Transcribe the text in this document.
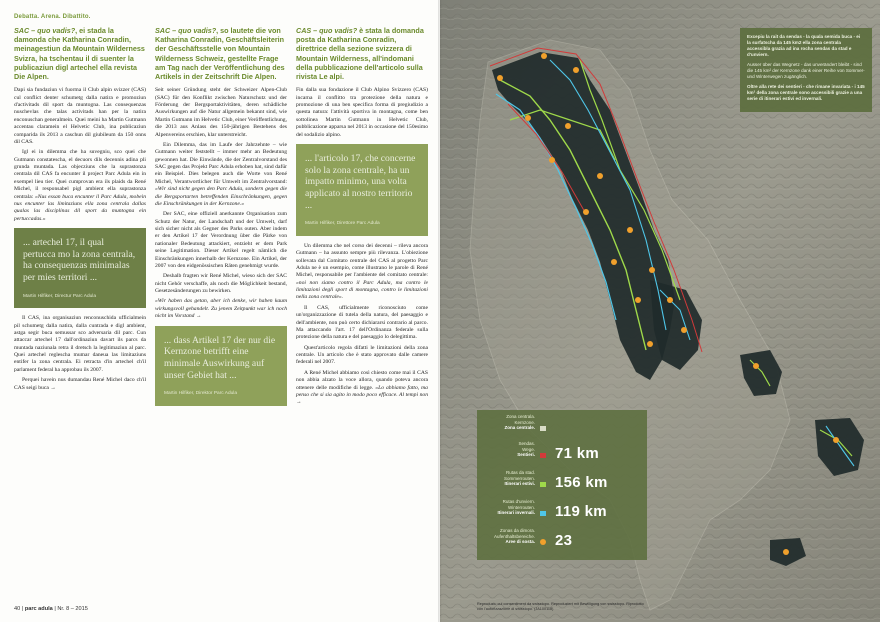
Debatta. Arena. Dibattito.

SAC – quo vadis?, ei stada la damonda che Katharina Conradin, meinagestiun da Mountain Wilderness Svizra, ha tschentau il di suenter la publicaziun digl artechel ella revista Die Alpen.

Dapi sia fundaziun vi fuorma il Club alpin svizzer (CAS) cul conflict denter schumetg dalla natira e promoziun d'activitads dil sport da muntogna. Las consequenzas nuschevlas che talas activitads han per la natira enconuschan generalmein. Quei meini ha Martin Gutmann accentau claramein el Helvetic Club, ina publicaziun comparida ils 2013 a caschun dil giubileum da 150 onns dil CAS.

Igl ei in dilemma che ha suvegniu, sco quei che Gutmann constatescha, el decuors dils decennis adina pli grunda muntada. Las objecziuns che la suprastonza centrala dil CAS fa encunter il project Parc Adula ein in exempel lieu tier. Quei cumprovan era ils plaids da René Michel, il responsabel pigl ambient ella suprastonza centrala: «Nus essan buca encunter il Parc Adula, mobein nus encunter las limitaziuns ella zona centrala dallas qualas las disciplinas dil sport da muntogna ein pertuccadas.»

... artechel 17, il qual pertucca mo la zona centrala, ha consequenzas minimalas per mies territori ...

Martin Hilfiker, Directur Parc Adula

Il CAS, ina organisaziun renconuschida ufficialmein pil schumetg dalla natira, dalla cuntrada e digl ambient, astga segir buca semussar sco adversaria dil parc. Cun attaccar artechel 17 dall'ordinaziun davart ils parcs da muntada naziunala retra il dretsch la legitimaziun al parc. Quei artechel reglescha mumar daneua las limitaziuns entifer la zona centrala. Ei retracta d'in artechel ch'il parlament federal ha approbau ils 2007.

Perquei havein nus dumandau René Michel daco ch'il CAS seigi buca →

SAC – quo vadis?, so lautete die von Katharina Conradin, Geschäftsleiterin der Geschäftsstelle von Mountain Wilderness Schweiz, gestellte Frage am Tag nach der Veröffentlichung des Artikels in der Zeitschrift Die Alpen.

Seit seiner Gründung steht der Schweizer Alpen-Club (SAC) für den Konflikt zwischen Naturschutz und der Förderung der Bergsportaktivitäten, deren schädliche Auswirkungen auf die Natur allgemein bekannt sind, wie Martin Gutmann im Helvetic Club, einer Veröffentlichung, die 2013 aus Anlass des 150-jährigen Bestehens des Alpenvereins erschien, klar unterstreicht.

Ein Dilemma, das im Laufe der Jahrzehnte – wie Gutmann weiter feststellt – immer mehr an Bedeutung gewonnen hat. Die Einwände, die der Zentralvorstand des SAC gegen das Projekt Parc Adula erhoben hat, sind dafür ein Beispiel. Dies belegen auch die Worte von René Michel, Verantwortlicher für Umwelt im Zentralvorstand: «Wir sind nicht gegen den Parc Adula, sondern gegen die die Bergsportarten betreffenden Einschränkungen, gegen die Einschränkungen in der Kernzone.»

Der SAC, eine offiziell anerkannte Organisation zum Schutz der Natur, der Landschaft und der Umwelt, darf sich sicher nicht als Gegner des Parks outen. Aber indem er den Artikel 17 der Verordnung über die Pärke von nationaler Bedeutung attackiert, entzieht er dem Park seine Legitimation. Dieser Artikel regelt nämlich die Einschränkungen innerhalb der Kernzone. Ein Artikel, der 2007 von den eidgenössischen Räten genehmigt wurde.

Deshalb fragten wir René Michel, wieso sich der SAC nicht Gehör verschaffe, als noch die Möglichkeit bestand, Gesetzesänderungen zu bewirken.

«Wir haben das getan, aber ich denke, wir haben kaum wirkungsvoll gehandelt. Zu jenem Zeitpunkt war ich noch nicht im Vorstand →

... dass Artikel 17 der nur die Kernzone betrifft eine minimale Auswirkung auf unser Gebiet hat ...

Martin Hilfiker, Direktor Parc Adula

CAS – quo vadis? è stata la domanda posta da Katharina Conradin, direttrice della sezione svizzera di Mountain Wilderness, all'indomani della pubblicazione dell'articolo sulla rivista Le alpi.

Fin dalla sua fondazione il Club Alpino Svizzero (CAS) incarna il conflitto tra protezione della natura e promozione di una ben specifica forma di pregiudizio a questa natura: l'attività sportiva in montagna, come ben sottolinea Martin Gutmann in Helvetic Club, pubblicazione apparsa nel 2013 in occasione del 150esimo del sodalizio alpino.

... l'articolo 17, che concerne solo la zona centrale, ha un impatto minimo, una volta applicato al nostro territorio ...

Martin Hilfiker, Direttore Parc Adula

Un dilemma che nel corso dei decenni – rileva ancora Gutmann – ha assunto sempre più rilevanza. L'obiezione sollevata dal Comitato centrale del CAS al progetto Parc Adula ne è un esempio, come illustrano le parole di René Michel, responsabile per l'ambiente del comitato centrale: «noi non siamo contro il Parc Adula, ma contro le limitazioni degli sport di montagna, contro le limitazioni nella zona centrale».

Il CAS, ufficialmente riconosciuto come un'organizzazione di tutela della natura, del paesaggio e dell'ambiente, non può certo dichiararsi contrario al parco. Ma attaccando l'art. 17 dell'Ordinanza federale sulla protezione della natura e del paesaggio lo delegittima.

Quest'articolo regola difatti le limitazioni della zona centrale. Un articolo che è stato approvato dalle camere federali nel 2007.

A René Michel abbiamo così chiesto come mai il CAS non abbia alzato la voce allora, quando poteva ancora ottenere delle modifiche di legge. «Lo abbiamo fatto, ma penso che si sia agito in modo poco efficace. Al tempi non →

40 | parc adula | Nr. 8 – 2015

Excepiu la rait da sendas - la quala semida buca - ei la surfatscha da 145 km2 ella zona centrala accessibla grazia ad ina rocha sendas da stad e d'unviern.

Ausser über das Wegnetz - das unverändert bleibt - sind die 145 km² der Kernzone dank einer Reihe von Sommer- und Winterwegen zugänglich.

Oltre alla rete dei sentieri - che rimane invariata - i 145 km² della zona centrale sono accessibili grazie a una serie di itinerari estivi ed invernali.

Zona centrala.
Kernzone.
Zona centrale.
Sendas.
Wege.
Sentieri. 71 km
Rutas da stad.
Sommerrouten.
Itinerari estivi. 156 km
Rutas d'unviern.
Winterrouten.
Itinerari invernali. 119 km
Zonas da dimora.
Aufenthaltsbereiche.
Aree di sosta. 23
Reproduziu cul consentiment da swisstopo. Reproduziert mit Bewilligung von swisstopo. Riprodotto con l'autorizzazione di swisstopo. (JA100118)
